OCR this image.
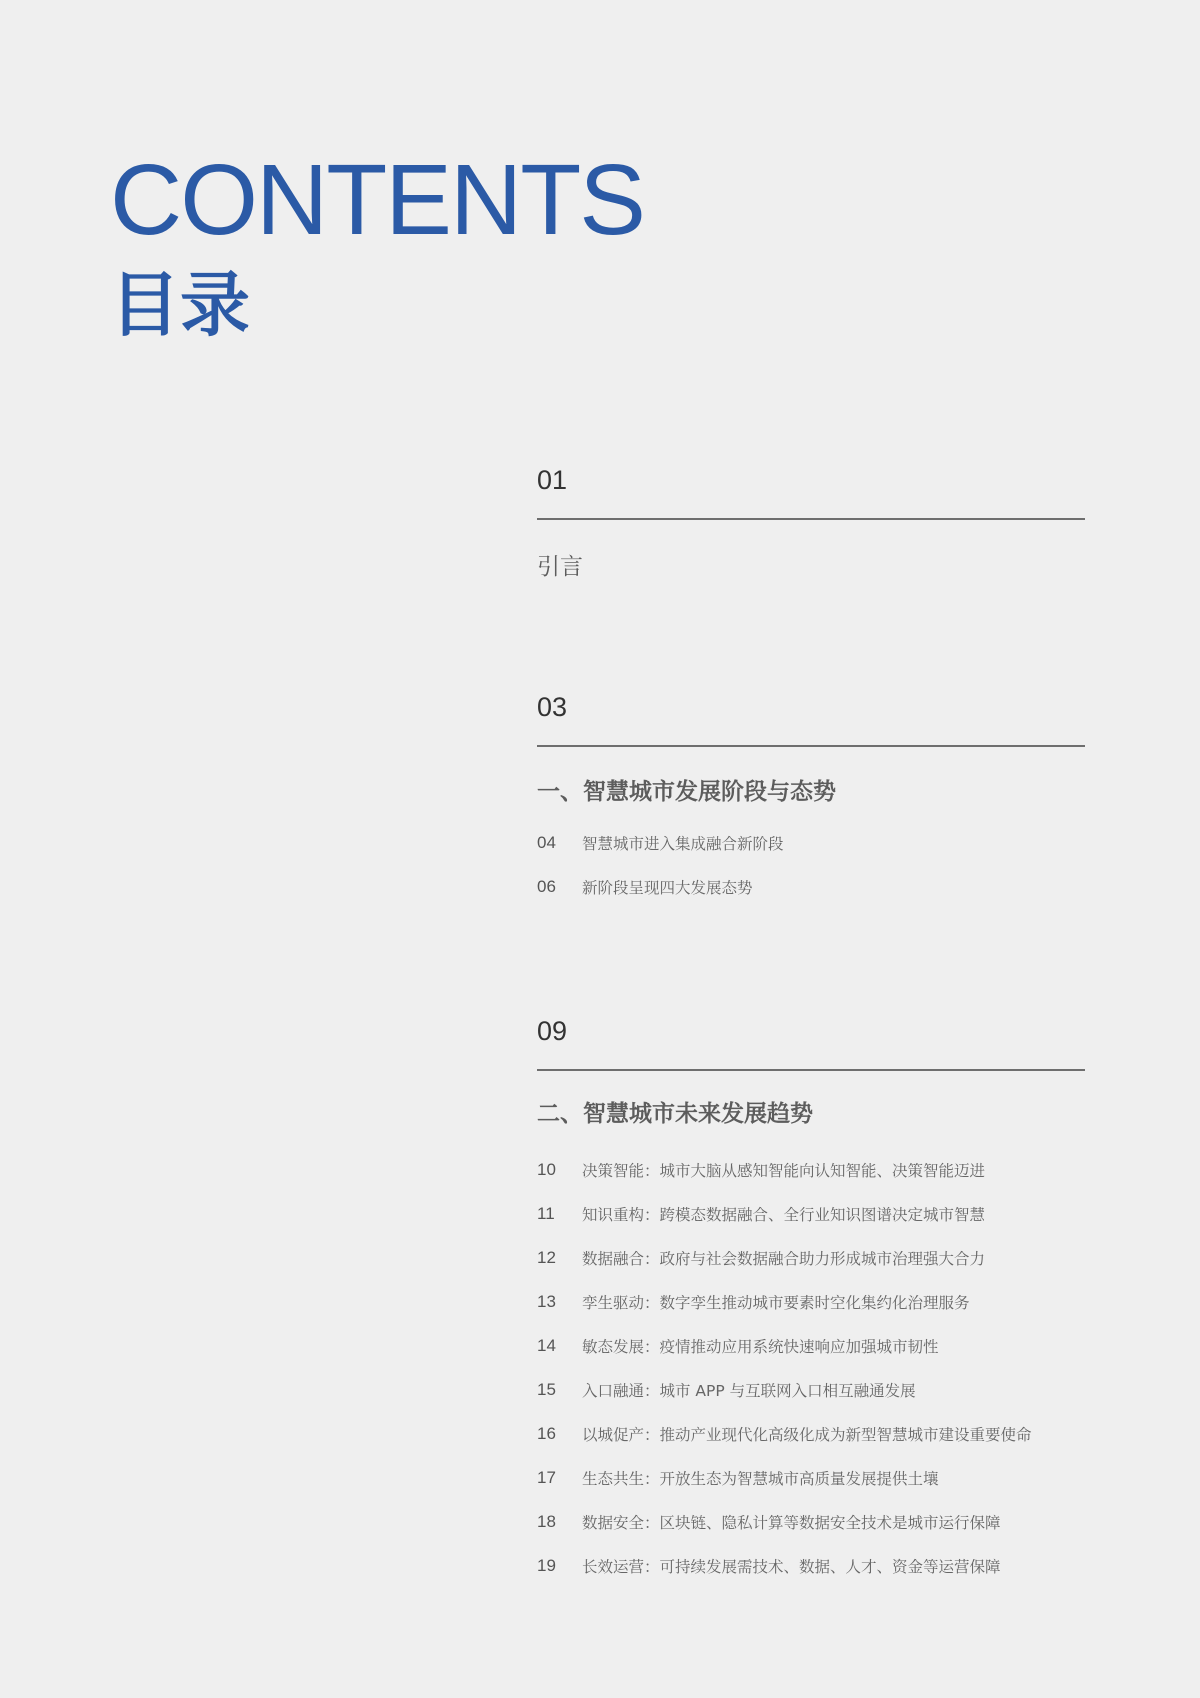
CONTENTS
目录
01
引言
03
一、智慧城市发展阶段与态势
04	智慧城市进入集成融合新阶段
06	新阶段呈现四大发展态势
09
二、智慧城市未来发展趋势
10	决策智能：城市大脑从感知智能向认知智能、决策智能迈进
11	知识重构：跨模态数据融合、全行业知识图谱决定城市智慧
12	数据融合：政府与社会数据融合助力形成城市治理强大合力
13	孪生驱动：数字孪生推动城市要素时空化集约化治理服务
14	敏态发展：疫情推动应用系统快速响应加强城市韧性
15	入口融通：城市 APP 与互联网入口相互融通发展
16	以城促产：推动产业现代化高级化成为新型智慧城市建设重要使命
17	生态共生：开放生态为智慧城市高质量发展提供土壤
18	数据安全：区块链、隐私计算等数据安全技术是城市运行保障
19	长效运营：可持续发展需技术、数据、人才、资金等运营保障
